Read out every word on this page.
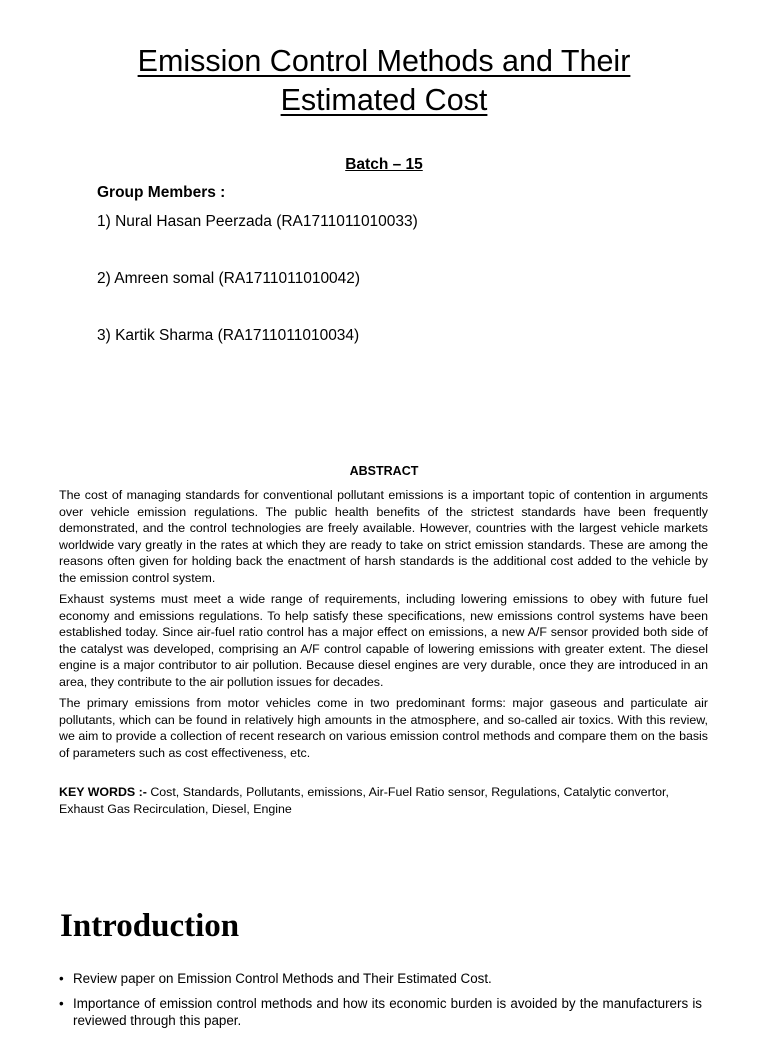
Emission Control Methods and Their
Estimated Cost
Batch – 15
Group Members :
1) Nural Hasan Peerzada (RA1711011010033)
2) Amreen somal (RA1711011010042)
3) Kartik Sharma (RA1711011010034)
ABSTRACT

The cost of managing standards for conventional pollutant emissions is a important topic of contention in arguments over vehicle emission regulations. The public health benefits of the strictest standards have been frequently demonstrated, and the control technologies are freely available. However, countries with the largest vehicle markets worldwide vary greatly in the rates at which they are ready to take on strict emission standards. These are among the reasons often given for holding back the enactment of harsh standards is the additional cost added to the vehicle by the emission control system.

Exhaust systems must meet a wide range of requirements, including lowering emissions to obey with future fuel economy and emissions regulations. To help satisfy these specifications, new emissions control systems have been established today. Since air-fuel ratio control has a major effect on emissions, a new A/F sensor provided both side of the catalyst was developed, comprising an A/F control capable of lowering emissions with greater extent. The diesel engine is a major contributor to air pollution. Because diesel engines are very durable, once they are introduced in an area, they contribute to the air pollution issues for decades.

The primary emissions from motor vehicles come in two predominant forms: major gaseous and particulate air pollutants, which can be found in relatively high amounts in the atmosphere, and so-called air toxics. With this review, we aim to provide a collection of recent research on various emission control methods and compare them on the basis of parameters such as cost effectiveness, etc.

KEY WORDS :- Cost, Standards, Pollutants, emissions, Air-Fuel Ratio sensor, Regulations, Catalytic convertor, Exhaust Gas Recirculation, Diesel, Engine
Introduction
• Review paper on Emission Control Methods and Their Estimated Cost.
• Importance of emission control methods and how its economic burden is avoided by the manufacturers is reviewed through this paper.
